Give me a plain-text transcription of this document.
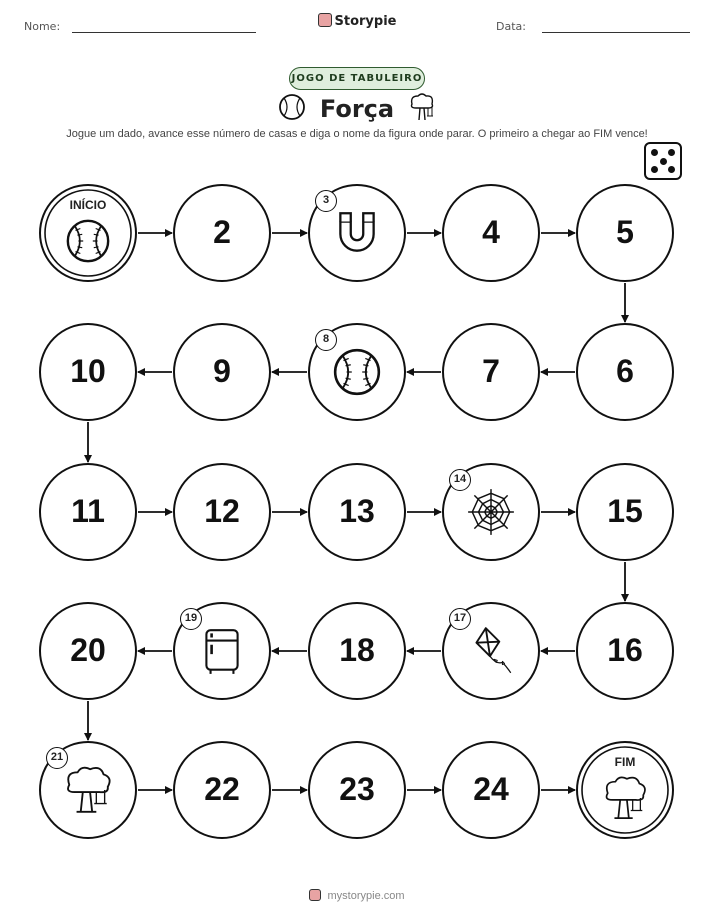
Nome:	Storypie	Data:
JOGO DE TABULEIRO
Força
Jogue um dado, avance esse número de casas e diga o nome da figura onde parar. O primeiro a chegar ao FIM vence!
INÍCIO
2
3
4	5
6
7
8
9
10
11	12	13
14
15
16
17
18
19
20
21
22	23	24
FIM
mystorypie.com
